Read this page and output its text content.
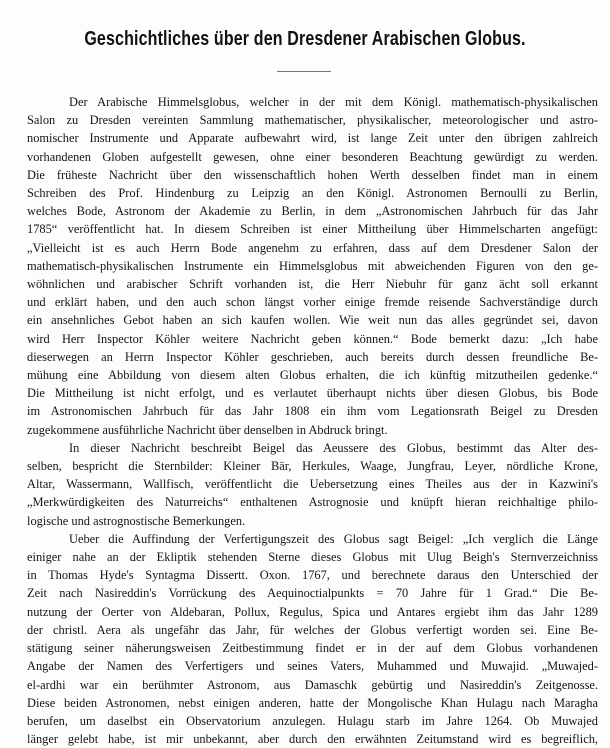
Geschichtliches über den Dresdener Arabischen Globus.
Der Arabische Himmelsglobus, welcher in der mit dem Königl. mathematisch-physikalischen
Salon zu Dresden vereinten Sammlung mathematischer, physikalischer, meteorologischer und astro-
nomischer Instrumente und Apparate aufbewahrt wird, ist lange Zeit unter den übrigen zahlreich
vorhandenen Globen aufgestellt gewesen, ohne einer besonderen Beachtung gewürdigt zu werden.
Die früheste Nachricht über den wissenschaftlich hohen Werth desselben findet man in einem
Schreiben des Prof. Hindenburg zu Leipzig an den Königl. Astronomen Bernoulli zu Berlin,
welches Bode, Astronom der Akademie zu Berlin, in dem „Astronomischen Jahrbuch für das Jahr
1785“ veröffentlicht hat. In diesem Schreiben ist einer Mittheilung über Himmelscharten angefügt:
„Vielleicht ist es auch Herrn Bode angenehm zu erfahren, dass auf dem Dresdener Salon der
mathematisch-physikalischen Instrumente ein Himmelsglobus mit abweichenden Figuren von den ge-
wöhnlichen und arabischer Schrift vorhanden ist, die Herr Niebuhr für ganz ächt soll erkannt
und erklärt haben, und den auch schon längst vorher einige fremde reisende Sachverständige durch
ein ansehnliches Gebot haben an sich kaufen wollen. Wie weit nun das alles gegründet sei, davon
wird Herr Inspector Köhler weitere Nachricht geben können.“ Bode bemerkt dazu: „Ich habe
dieserwegen an Herrn Inspector Köhler geschrieben, auch bereits durch dessen freundliche Be-
mühung eine Abbildung von diesem alten Globus erhalten, die ich künftig mitzutheilen gedenke.“
Die Mittheilung ist nicht erfolgt, und es verlautet überhaupt nichts über diesen Globus, bis Bode
im Astronomischen Jahrbuch für das Jahr 1808 ein ihm vom Legationsrath Beigel zu Dresden
zugekommene ausführliche Nachricht über denselben in Abdruck bringt.
In dieser Nachricht beschreibt Beigel das Aeussere des Globus, bestimmt das Alter des-
selben, bespricht die Sternbilder: Kleiner Bär, Herkules, Waage, Jungfrau, Leyer, nördliche Krone,
Altar, Wassermann, Wallfisch, veröffentlicht die Uebersetzung eines Theiles aus der in Kazwini's
„Merkwürdigkeiten des Naturreichs“ enthaltenen Astrognosie und knüpft hieran reichhaltige philo-
logische und astrognostische Bemerkungen.
Ueber die Auffindung der Verfertigungszeit des Globus sagt Beigel: „Ich verglich die Länge
einiger nahe an der Ekliptik stehenden Sterne dieses Globus mit Ulug Beigh's Sternverzeichniss
in Thomas Hyde's Syntagma Dissertt. Oxon. 1767, und berechnete daraus den Unterschied der
Zeit nach Nasireddin's Vorrückung des Aequinoctialpunkts = 70 Jahre für 1 Grad.“ Die Be-
nutzung der Oerter von Aldebaran, Pollux, Regulus, Spica und Antares ergiebt ihm das Jahr 1289
der christl. Aera als ungefähr das Jahr, für welches der Globus verfertigt worden sei. Eine Be-
stätigung seiner näherungsweisen Zeitbestimmung findet er in der auf dem Globus vorhandenen
Angabe der Namen des Verfertigers und seines Vaters, Muhammed und Muwajid. „Muwajed-
el-ardhi war ein berühmter Astronom, aus Damaschk gebürtig und Nasireddin's Zeitgenosse.
Diese beiden Astronomen, nebst einigen anderen, hatte der Mongolische Khan Hulagu nach Maragha
berufen, um daselbst ein Observatorium anzulegen. Hulagu starb im Jahre 1264. Ob Muwajed
länger gelebt habe, ist mir unbekannt, aber durch den erwähnten Zeitumstand wird es begreiflich,
